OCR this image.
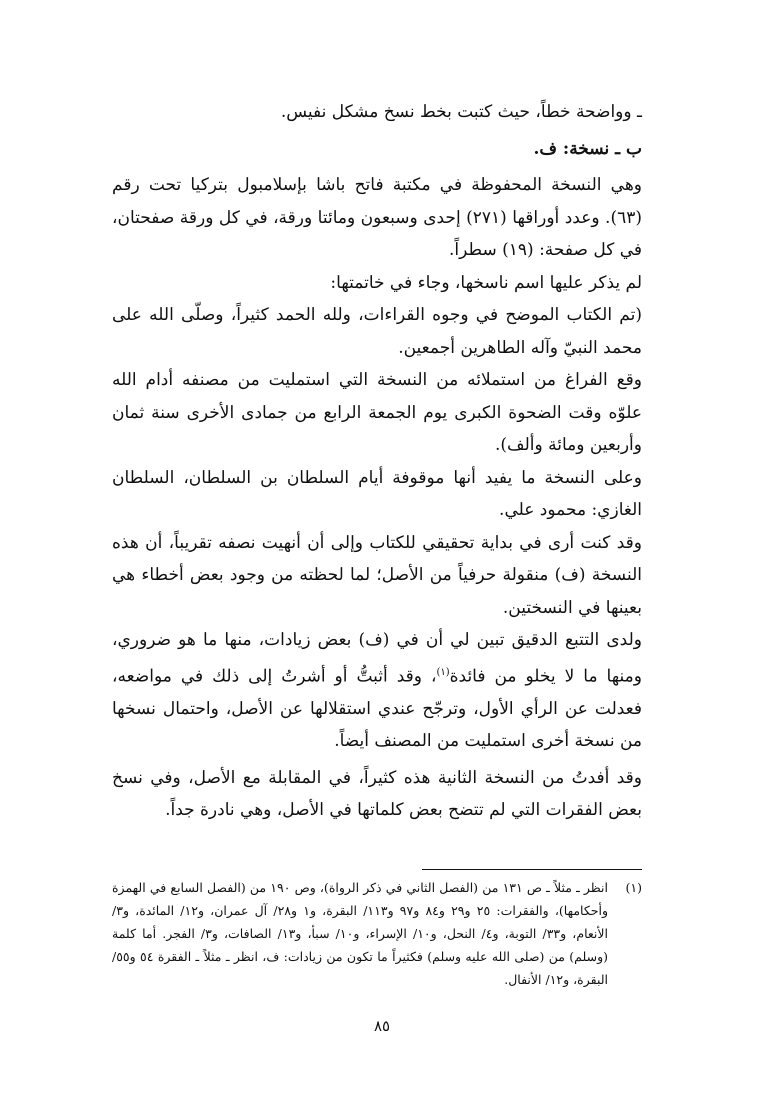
ـ وواضحة خطاً، حيث كتبت بخط نسخ مشكل نفيس.

ب ـ نسخة: ف.

وهي النسخة المحفوظة في مكتبة فاتح باشا بإسلامبول بتركيا تحت رقم (٦٣). وعدد أوراقها (٢٧١) إحدى وسبعون ومائتا ورقة، في كل ورقة صفحتان، في كل صفحة: (١٩) سطراً.

لم يذكر عليها اسم ناسخها، وجاء في خاتمتها:

(تم الكتاب الموضح في وجوه القراءات، ولله الحمد كثيراً، وصلّى الله على محمد النبيّ وآله الطاهرين أجمعين.

وقع الفراغ من استملائه من النسخة التي استمليت من مصنفه أدام الله علوّه وقت الضحوة الكبرى يوم الجمعة الرابع من جمادى الأخرى سنة ثمان وأربعين ومائة وألف).

وعلى النسخة ما يفيد أنها موقوفة أيام السلطان بن السلطان، السلطان الغازي: محمود علي.

وقد كنت أرى في بداية تحقيقي للكتاب وإلى أن أنهيت نصفه تقريباً، أن هذه النسخة (ف) منقولة حرفياً من الأصل؛ لما لحظته من وجود بعض أخطاء هي بعينها في النسختين.

ولدى التتبع الدقيق تبين لي أن في (ف) بعض زيادات، منها ما هو ضروري، ومنها ما لا يخلو من فائدة$^{(١)}$، وقد أثبتُّ أو أشرتُ إلى ذلك في مواضعه، فعدلت عن الرأي الأول، وترجّح عندي استقلالها عن الأصل، واحتمال نسخها من نسخة أخرى استمليت من المصنف أيضاً.

وقد أفدتُ من النسخة الثانية هذه كثيراً، في المقابلة مع الأصل، وفي نسخ بعض الفقرات التي لم تتضح بعض كلماتها في الأصل، وهي نادرة جداً.

(١)
انظر ـ مثلاً ـ ص ١٣١ من (الفصل الثاني في ذكر الرواة)، وص ١٩٠ من (الفصل السابع في الهمزة وأحكامها)، والفقرات: ٢٥ و٢٩ و٨٤ و٩٧ و١١٣/ البقرة، و١ و٢٨/ آل عمران، و١٢/ المائدة، و٣/ الأنعام، و٣٣/ التوبة، و٤/ النحل، و١٠/ الإسراء، و١٠/ سبأ، و١٣/ الصافات، و٣/ الفجر. أما كلمة (وسلم) من (صلى الله عليه وسلم) فكثيراً ما تكون من زيادات: ف، انظر ـ مثلاً ـ الفقرة ٥٤ و٥٥/ البقرة، و١٢/ الأنفال.
٨٥
